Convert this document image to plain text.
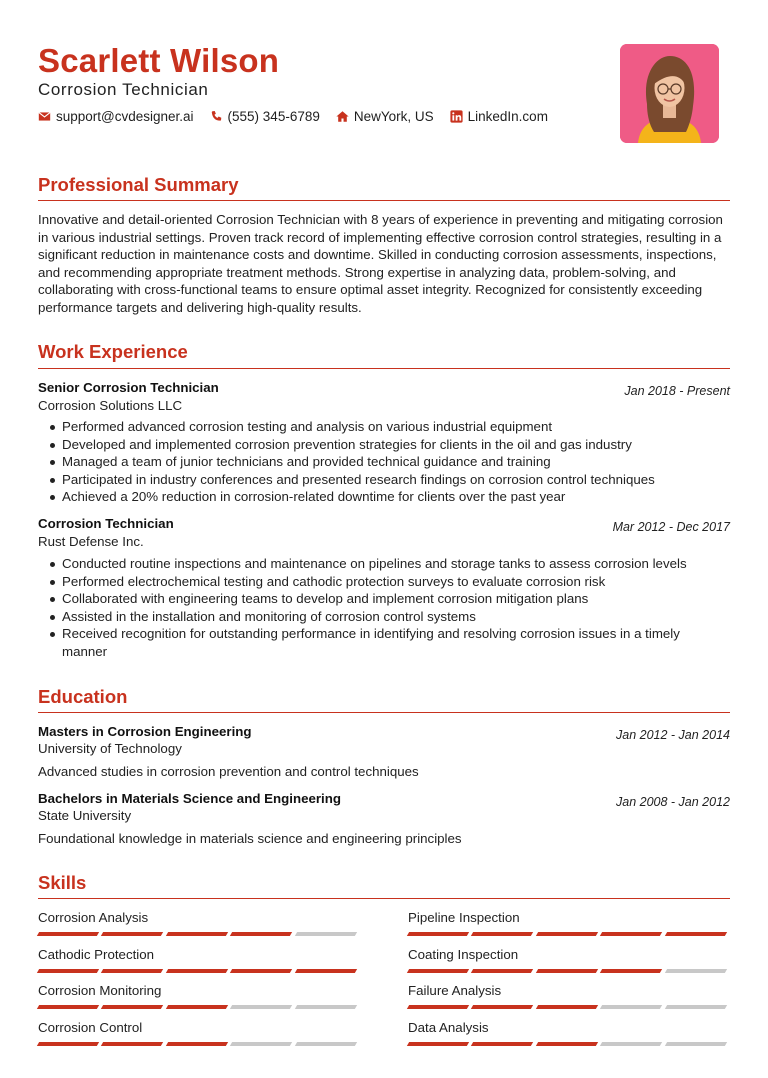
Scarlett Wilson
Corrosion Technician
support@cvdesigner.ai	(555) 345-6789	NewYork, US	LinkedIn.com
Professional Summary
Innovative and detail-oriented Corrosion Technician with 8 years of experience in preventing and mitigating corrosion in various industrial settings. Proven track record of implementing effective corrosion control strategies, resulting in a significant reduction in maintenance costs and downtime. Skilled in conducting corrosion assessments, inspections, and recommending appropriate treatment methods. Strong expertise in analyzing data, problem-solving, and collaborating with cross-functional teams to ensure optimal asset integrity. Recognized for consistently exceeding performance targets and delivering high-quality results.
Work Experience
Senior Corrosion Technician	Jan 2018 - Present
Corrosion Solutions LLC
Performed advanced corrosion testing and analysis on various industrial equipment
Developed and implemented corrosion prevention strategies for clients in the oil and gas industry
Managed a team of junior technicians and provided technical guidance and training
Participated in industry conferences and presented research findings on corrosion control techniques
Achieved a 20% reduction in corrosion-related downtime for clients over the past year
Corrosion Technician	Mar 2012 - Dec 2017
Rust Defense Inc.
Conducted routine inspections and maintenance on pipelines and storage tanks to assess corrosion levels
Performed electrochemical testing and cathodic protection surveys to evaluate corrosion risk
Collaborated with engineering teams to develop and implement corrosion mitigation plans
Assisted in the installation and monitoring of corrosion control systems
Received recognition for outstanding performance in identifying and resolving corrosion issues in a timely manner
Education
Masters in Corrosion Engineering	Jan 2012 - Jan 2014
University of Technology
Advanced studies in corrosion prevention and control techniques
Bachelors in Materials Science and Engineering	Jan 2008 - Jan 2012
State University
Foundational knowledge in materials science and engineering principles
Skills
Corrosion Analysis	Pipeline Inspection
Cathodic Protection	Coating Inspection
Corrosion Monitoring	Failure Analysis
Corrosion Control	Data Analysis
